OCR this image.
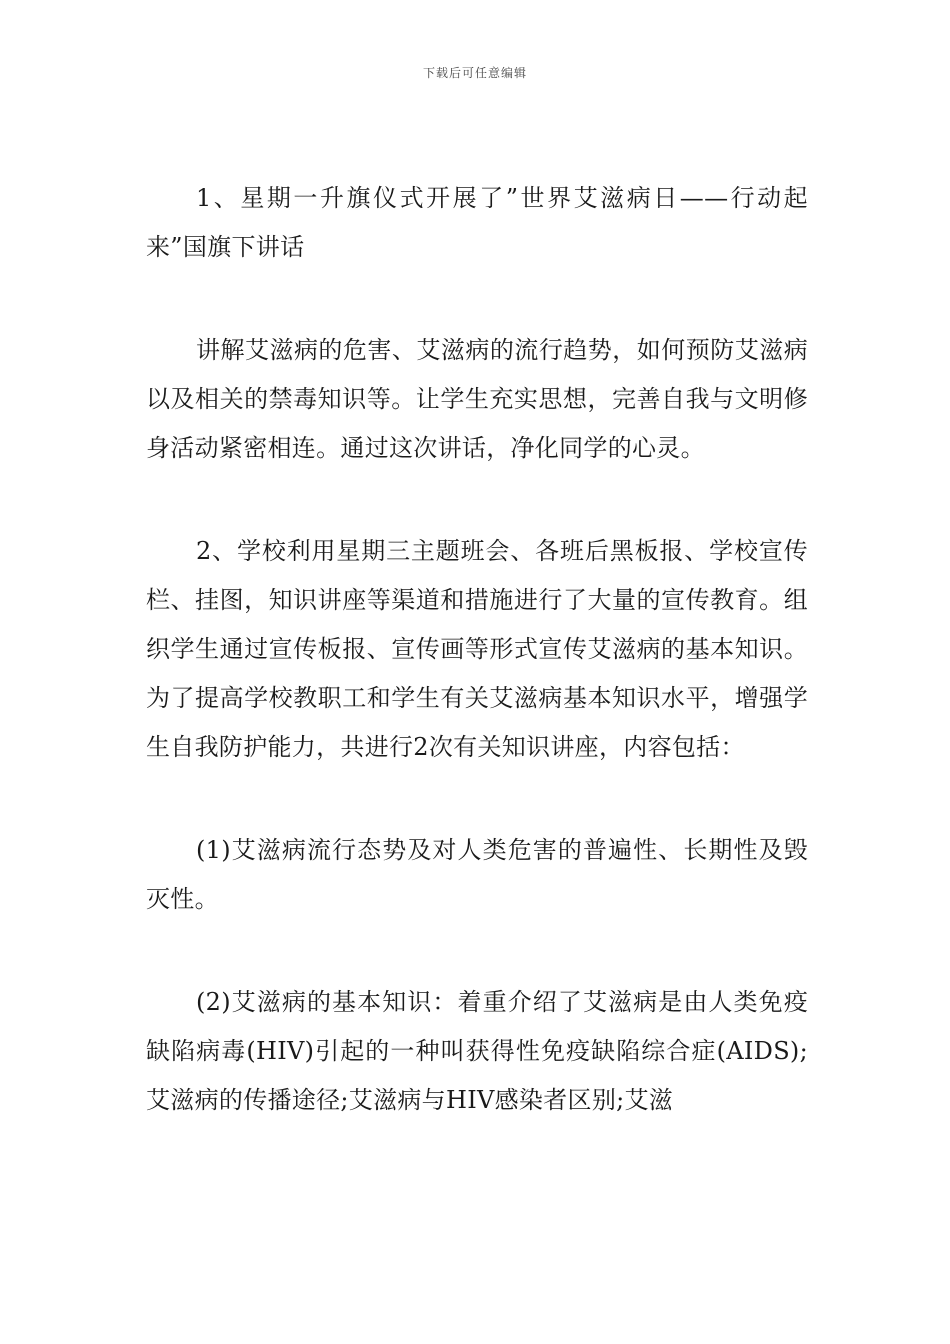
下载后可任意编辑

1、星期一升旗仪式开展了”世界艾滋病日——行动起来”国旗下讲话

讲解艾滋病的危害、艾滋病的流行趋势，如何预防艾滋病以及相关的禁毒知识等。让学生充实思想，完善自我与文明修身活动紧密相连。通过这次讲话，净化同学的心灵。

2、学校利用星期三主题班会、各班后黑板报、学校宣传栏、挂图，知识讲座等渠道和措施进行了大量的宣传教育。组织学生通过宣传板报、宣传画等形式宣传艾滋病的基本知识。为了提高学校教职工和学生有关艾滋病基本知识水平，增强学生自我防护能力，共进行2次有关知识讲座，内容包括：

(1)艾滋病流行态势及对人类危害的普遍性、长期性及毁灭性。

(2)艾滋病的基本知识：着重介绍了艾滋病是由人类免疫缺陷病毒(HIV)引起的一种叫获得性免疫缺陷综合症(AIDS);艾滋病的传播途径;艾滋病与HIV感染者区别;艾滋
